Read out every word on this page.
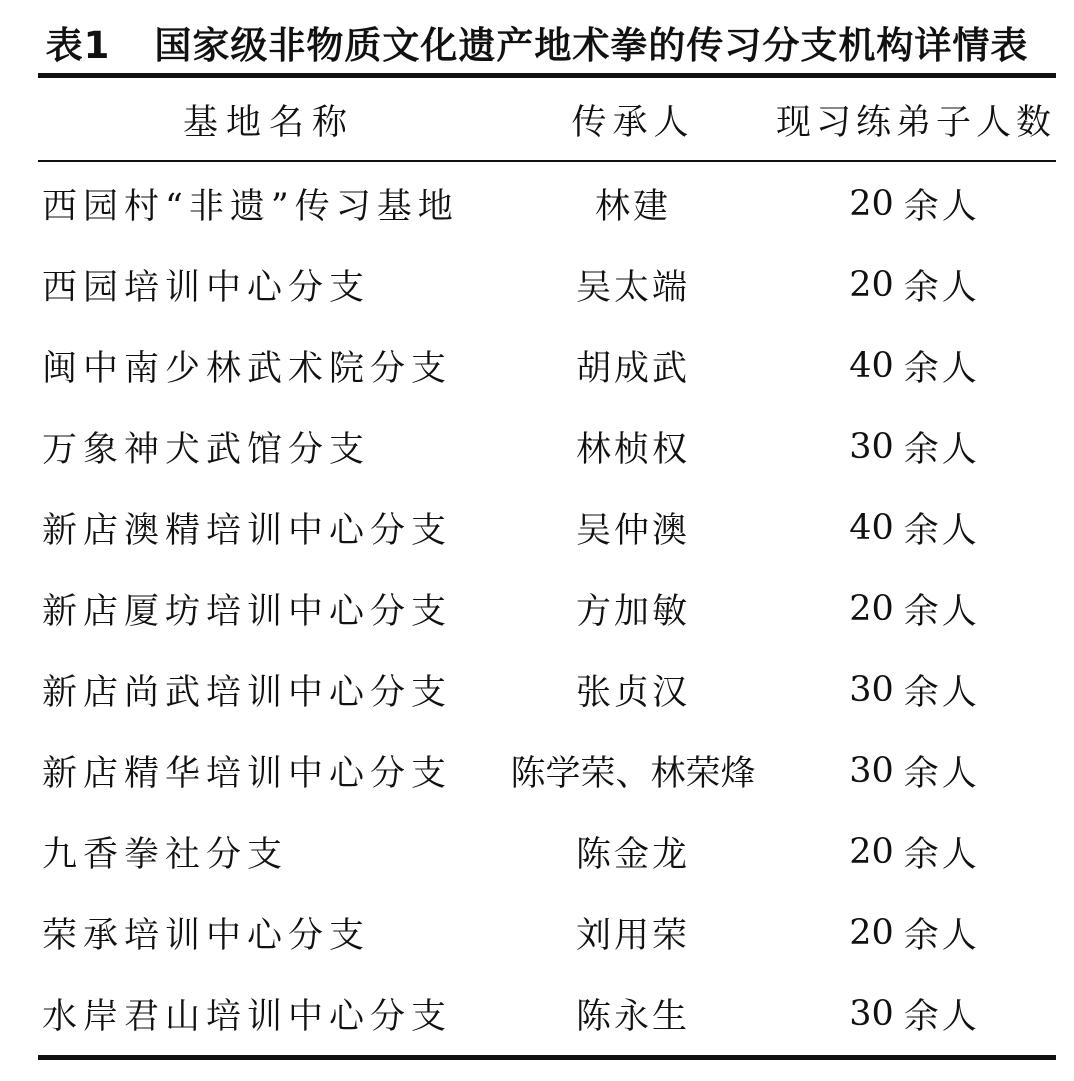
表1 国家级非物质文化遗产地术拳的传习分支机构详情表
基地名称	传承人	现习练弟子人数
西园村“非遗”传习基地	林建	20 余人
西园培训中心分支	吴太端	20 余人
闽中南少林武术院分支	胡成武	40 余人
万象神犬武馆分支	林桢权	30 余人
新店澳精培训中心分支	吴仲澳	40 余人
新店厦坊培训中心分支	方加敏	20 余人
新店尚武培训中心分支	张贞汉	30 余人
新店精华培训中心分支	陈学荣、林荣烽	30 余人
九香拳社分支	陈金龙	20 余人
荣承培训中心分支	刘用荣	20 余人
水岸君山培训中心分支	陈永生	30 余人
